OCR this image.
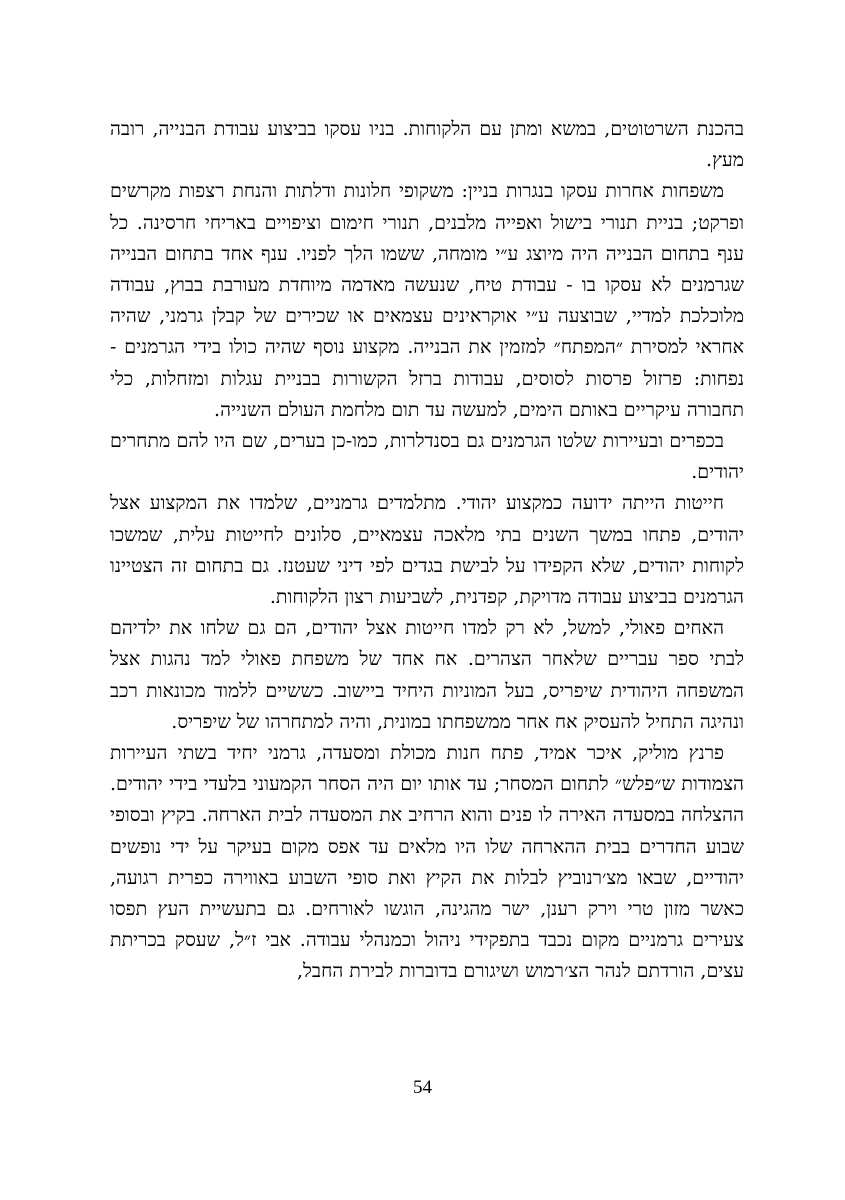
בהכנת השרטוטים, במשא ומתן עם הלקוחות. בניו עסקו בביצוע עבודת הבנייה, רובה מעץ.

משפחות אחרות עסקו בנגרות בניין: משקופי חלונות ודלתות והנחת רצפות מקרשים ופרקט; בניית תנורי בישול ואפייה מלבנים, תנורי חימום וציפויים באריחי חרסינה. כל ענף בתחום הבנייה היה מיוצג ע״י מומחה, ששמו הלך לפניו. ענף אחד בתחום הבנייה שגרמנים לא עסקו בו - עבודת טיח, שנעשה מאדמה מיוחדת מעורבת בבוץ, עבודה מלוכלכת למדיי, שבוצעה ע״י אוקראינים עצמאים או שכירים של קבלן גרמני, שהיה אחראי למסירת ״המפתח״ למזמין את הבנייה. מקצוע נוסף שהיה כולו בידי הגרמנים - נפחות: פרזול פרסות לסוסים, עבודות ברזל הקשורות בבניית עגלות ומזחלות, כלי תחבורה עיקריים באותם הימים, למעשה עד תום מלחמת העולם השנייה.

בכפרים ובעיירות שלטו הגרמנים גם בסנדלרות, כמו-כן בערים, שם היו להם מתחרים יהודים.

חייטות הייתה ידועה כמקצוע יהודי. מתלמדים גרמניים, שלמדו את המקצוע אצל יהודים, פתחו במשך השנים בתי מלאכה עצמאיים, סלונים לחייטות עלית, שמשכו לקוחות יהודים, שלא הקפידו על לבישת בגדים לפי דיני שעטנז. גם בתחום זה הצטיינו הגרמנים בביצוע עבודה מדויקת, קפדנית, לשביעות רצון הלקוחות.

האחים פאולי, למשל, לא רק למדו חייטות אצל יהודים, הם גם שלחו את ילדיהם לבתי ספר עבריים שלאחר הצהרים. אח אחד של משפחת פאולי למד נהגות אצל המשפחה היהודית שיפריס, בעל המוניות היחיד ביישוב. כששיים ללמוד מכונאות רכב ונהיגה התחיל להעסיק אח אחר ממשפחתו במונית, והיה למתחרהו של שיפריס.

פרנץ מוליק, איכר אמיד, פתח חנות מכולת ומסעדה, גרמני יחיד בשתי העיירות הצמודות ש״פלש״ לתחום המסחר; עד אותו יום היה הסחר הקמעוני בלעדי בידי יהודים. ההצלחה במסעדה האירה לו פנים והוא הרחיב את המסעדה לבית הארחה. בקיץ ובסופי שבוע החדרים בבית ההארחה שלו היו מלאים עד אפס מקום בעיקר על ידי נופשים יהודיים, שבאו מצ׳רנוביץ לבלות את הקיץ ואת סופי השבוע באווירה כפרית רגועה, כאשר מזון טרי וירק רענן, ישר מהגינה, הוגשו לאורחים. גם בתעשיית העץ תפסו צעירים גרמניים מקום נכבד בתפקידי ניהול וכמנהלי עבודה. אבי ז״ל, שעסק בכריתת עצים, הורדתם לנהר הצ׳רמוש ושיגורם בדוברות לבירת החבל,

54
